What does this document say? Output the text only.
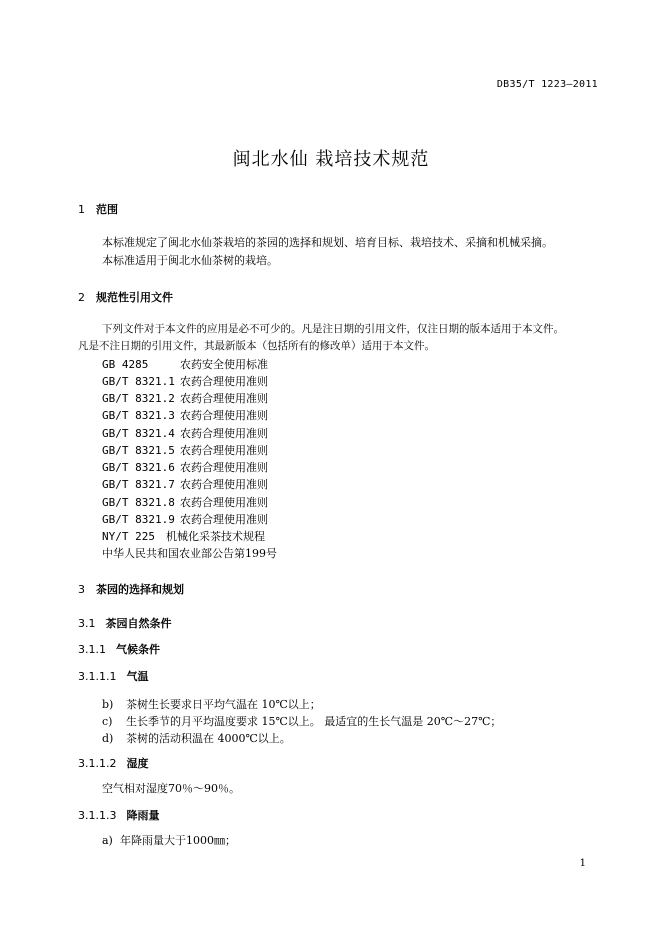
DB35/T 1223—2011
闽北水仙 栽培技术规范
1 范围
本标准规定了闽北水仙茶栽培的茶园的选择和规划、培育目标、栽培技术、采摘和机械采摘。
本标准适用于闽北水仙茶树的栽培。
2 规范性引用文件
下列文件对于本文件的应用是必不可少的。凡是注日期的引用文件，仅注日期的版本适用于本文件。
凡是不注日期的引用文件，其最新版本（包括所有的修改单）适用于本文件。
GB 4285	农药安全使用标准
GB/T 8321.1 农药合理使用准则
GB/T 8321.2 农药合理使用准则
GB/T 8321.3 农药合理使用准则
GB/T 8321.4 农药合理使用准则
GB/T 8321.5 农药合理使用准则
GB/T 8321.6 农药合理使用准则
GB/T 8321.7 农药合理使用准则
GB/T 8321.8 农药合理使用准则
GB/T 8321.9 农药合理使用准则
NY/T 225 机械化采茶技术规程
中华人民共和国农业部公告第199号
3 茶园的选择和规划
3.1 茶园自然条件
3.1.1 气候条件
3.1.1.1 气温
b) 茶树生长要求日平均气温在 10℃以上；
c) 生长季节的月平均温度要求 15℃以上。 最适宜的生长气温是 20℃～27℃；
d) 茶树的活动积温在 4000℃以上。
3.1.1.2 湿度
空气相对湿度70％～90％。
3.1.1.3 降雨量
a) 年降雨量大于1000㎜；
1
